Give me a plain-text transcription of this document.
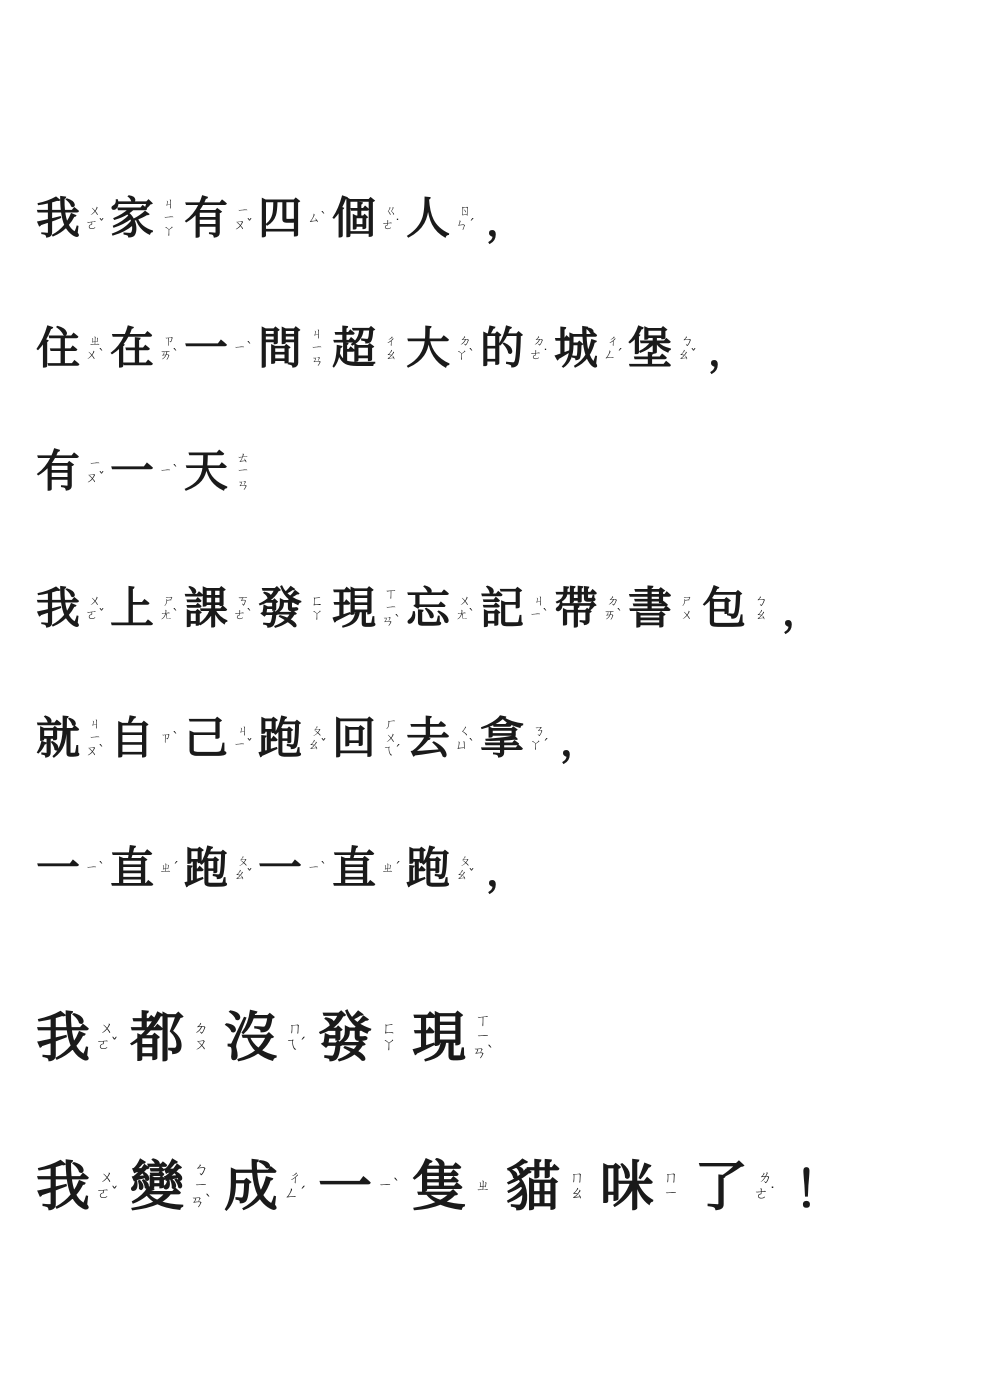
我 ㄨ
ㄛˇ 家 ㄐ
ㄧ
ㄚ 有 ㄧ
ㄡˇ 四 ㄙˋ 個 ㄍ
ㄜ˙ 人 ㄖ
ㄣˊ ，
住 ㄓ
ㄨˋ 在 ㄗ
ㄞˋ 一 ㄧˋ 間 ㄐ
ㄧ
ㄢ 超 ㄔ
ㄠ 大 ㄉ
ㄚˋ 的 ㄉ
ㄜ˙ 城 ㄔ
ㄥˊ 堡 ㄅ
ㄠˇ ，
有 ㄧ
ㄡˇ 一 ㄧˋ 天 ㄊ
ㄧ
ㄢ
我 ㄨ
ㄛˇ 上 ㄕ
ㄤˋ 課 ㄎ
ㄜˋ 發 ㄈ
ㄚ 現 ㄒ
ㄧ
ㄢˋ 忘 ㄨ
ㄤˋ 記 ㄐ
ㄧˋ 帶 ㄉ
ㄞˋ 書 ㄕ
ㄨ 包 ㄅ
ㄠ ，
就 ㄐ
ㄧ
ㄡˋ 自 ㄗˋ 己 ㄐ
ㄧˇ 跑 ㄆ
ㄠˇ 回 ㄏ
ㄨ
ㄟˊ 去 ㄑ
ㄩˋ 拿 ㄋ
ㄚˊ ，
一 ㄧˋ 直 ㄓˊ 跑 ㄆ
ㄠˇ 一 ㄧˋ 直 ㄓˊ 跑 ㄆ
ㄠˇ ，
我 ㄨ
ㄛˇ 都 ㄉ
ㄡ 沒 ㄇ
ㄟˊ 發 ㄈ
ㄚ 現 ㄒ
ㄧ
ㄢˋ
我 ㄨ
ㄛˇ 變 ㄅ
ㄧ
ㄢˋ 成 ㄔ
ㄥˊ 一 ㄧˋ 隻 ㄓ 貓 ㄇ
ㄠ 咪 ㄇ
ㄧ 了 ㄌ
ㄜ˙ ！
